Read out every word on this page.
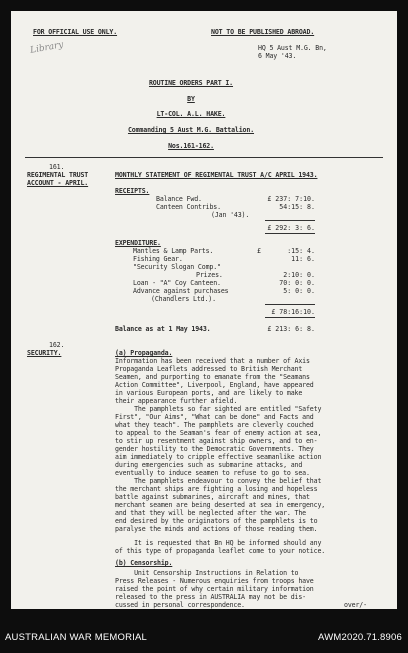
Library
FOR OFFICIAL USE ONLY.	NOT TO BE PUBLISHED ABROAD.
HQ 5 Aust M.G. Bn,
6 May '43.
ROUTINE ORDERS PART I.
BY
LT-COL. A.L. HAKE.
Commanding 5 Aust M.G. Battalion.
Nos.161-162.
161.
REGIMENTAL TRUST
ACCOUNT - APRIL.
MONTHLY STATEMENT OF REGIMENTAL TRUST A/C APRIL 1943.
RECEIPTS.
Balance Fwd.	£ 237: 7:10.
Canteen Contribs.	54:15: 8.
(Jan '43).
£ 292: 3: 6.
EXPENDITURE.
Mantles & Lamp Parts.	£	:15: 4.
Fishing Gear.	11: 6.
"Security Slogan Comp."
Prizes.	2:10: 0.
Loan - "A" Coy Canteen.	70: 0: 0.
Advance against purchases	5: 0: 0.
(Chandlers Ltd.).
£ 78:16:10.
Balance as at 1 May 1943.	£ 213: 6: 8.
162.
SECURITY.	(a) Propaganda.
Information has been received that a number of Axis
Propaganda Leaflets addressed to British Merchant
Seamen, and purporting to emanate from the "Seamans
Action Committee", Liverpool, England, have appeared
in various European ports, and are likely to make
their appearance further afield.
The pamphlets so far sighted are entitled "Safety
First", "Our Aims", "What can be done" and Facts and
what they teach". The pamphlets are cleverly couched
to appeal to the Seaman's fear of enemy action at sea,
to stir up resentment against ship owners, and to en-
gender hostility to the Democratic Governments. They
aim immediately to cripple effective seamanlike action
during emergencies such as submarine attacks, and
eventually to induce seamen to refuse to go to sea.
The pamphlets endeavour to convey the belief that
the merchant ships are fighting a losing and hopeless
battle against submarines, aircraft and mines, that
merchant seamen are being deserted at sea in emergency,
and that they will be neglected after the war. The
end desired by the originators of the pamphlets is to
paralyse the minds and actions of those reading them.
It is requested that Bn HQ be informed should any
of this type of propaganda leaflet come to your notice.
(b) Censorship.
Unit Censorship Instructions in Relation to
Press Releases - Numerous enquiries from troops have
raised the point of why certain military information
released to the press in AUSTRALIA may not be dis-
cussed in personal correspondence.	over/-
AUSTRALIAN WAR MEMORIAL	AWM2020.71.8906
